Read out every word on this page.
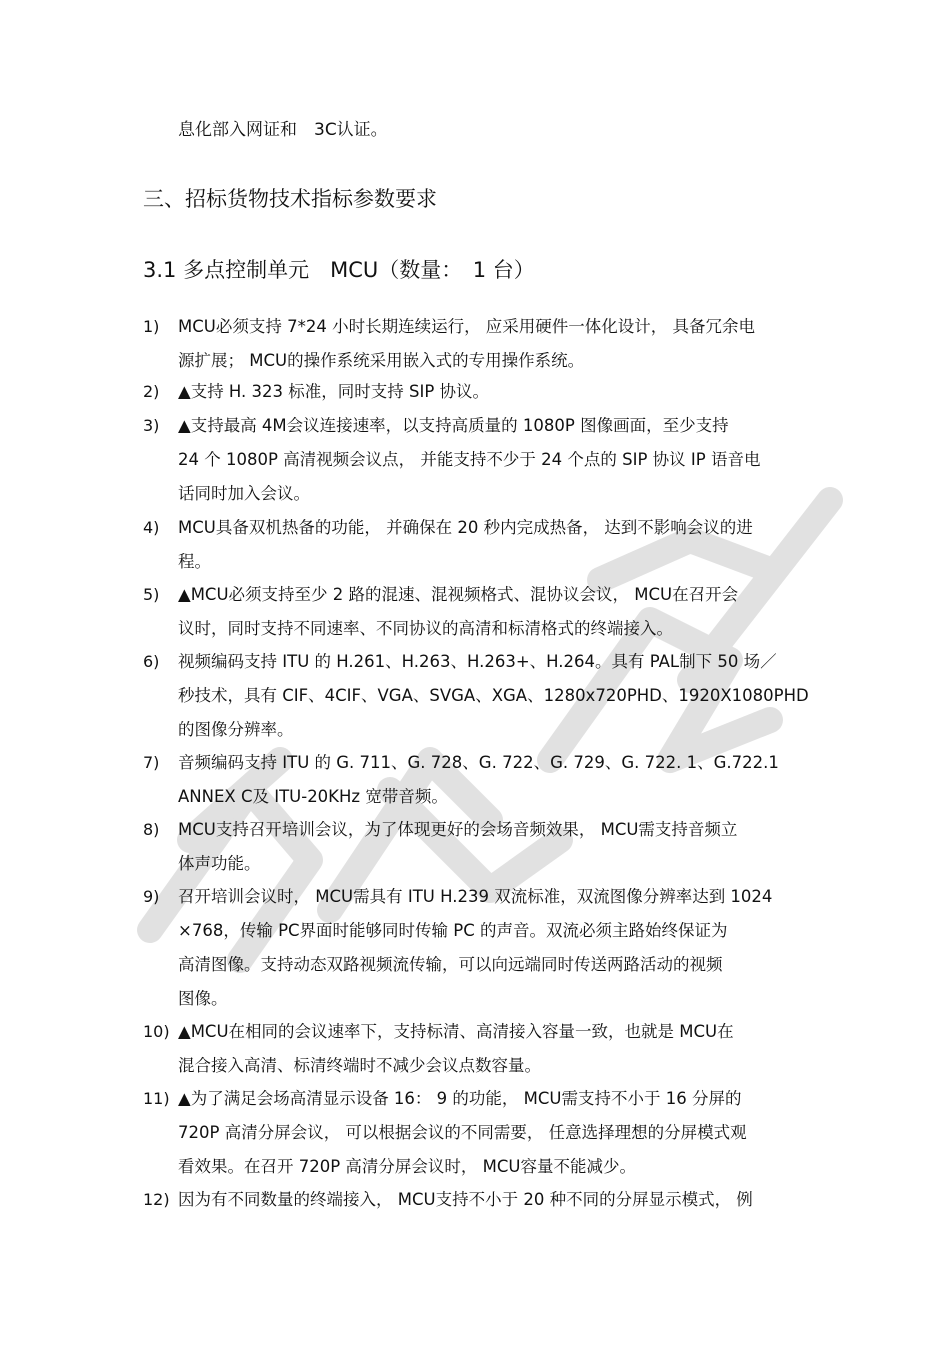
息化部入网证和　3C认证。
三、招标货物技术指标参数要求
3.1 多点控制单元　MCU（数量：　1 台）
1) MCU必须支持 7*24 小时长期连续运行， 应采用硬件一体化设计， 具备冗余电
源扩展； MCU的操作系统采用嵌入式的专用操作系统。
2) ▲支持 H. 323 标准，同时支持 SIP 协议。
3) ▲支持最高 4M会议连接速率，以支持高质量的 1080P 图像画面，至少支持
24 个 1080P 高清视频会议点， 并能支持不少于 24 个点的 SIP 协议 IP 语音电
话同时加入会议。
4) MCU具备双机热备的功能， 并确保在 20 秒内完成热备， 达到不影响会议的进
程。
5) ▲MCU必须支持至少 2 路的混速、混视频格式、混协议会议， MCU在召开会
议时，同时支持不同速率、不同协议的高清和标清格式的终端接入。
6) 视频编码支持 ITU 的 H.261、H.263、H.263+、H.264。具有 PAL制下 50 场／
秒技术，具有 CIF、4CIF、VGA、SVGA、XGA、1280x720PHD、1920X1080PHD
的图像分辨率。
7) 音频编码支持 ITU 的 G. 711、G. 728、G. 722、G. 729、G. 722. 1、G.722.1
ANNEX C及 ITU-20KHz 宽带音频。
8) MCU支持召开培训会议，为了体现更好的会场音频效果， MCU需支持音频立
体声功能。
9) 召开培训会议时， MCU需具有 ITU H.239 双流标准，双流图像分辨率达到 1024
×768，传输 PC界面时能够同时传输 PC 的声音。双流必须主路始终保证为
高清图像。支持动态双路视频流传输，可以向远端同时传送两路活动的视频
图像。
10) ▲MCU在相同的会议速率下，支持标清、高清接入容量一致，也就是 MCU在
混合接入高清、标清终端时不减少会议点数容量。
11) ▲为了满足会场高清显示设备 16： 9 的功能， MCU需支持不小于 16 分屏的
720P 高清分屏会议， 可以根据会议的不同需要， 任意选择理想的分屏模式观
看效果。在召开 720P 高清分屏会议时， MCU容量不能减少。
12) 因为有不同数量的终端接入， MCU支持不小于 20 种不同的分屏显示模式， 例
